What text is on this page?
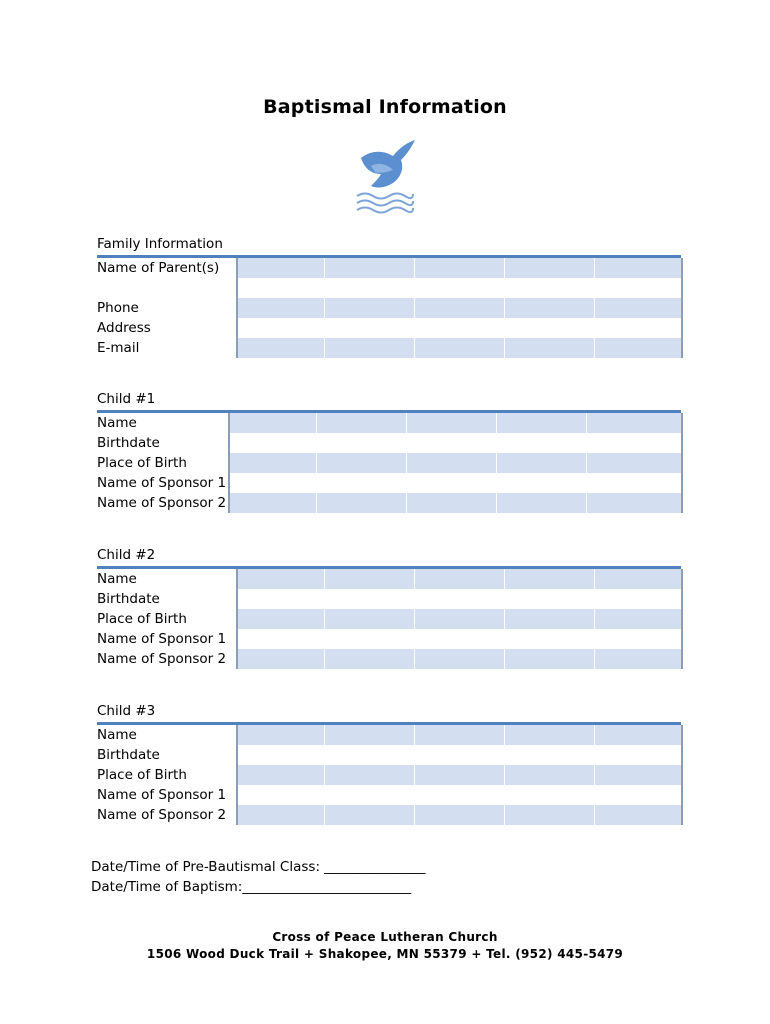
Baptismal Information
Family Information
Name of Parent(s)
Phone
Address
E-mail
Child #1
Name
Birthdate
Place of Birth
Name of Sponsor 1
Name of Sponsor 2
Child #2
Name
Birthdate
Place of Birth
Name of Sponsor 1
Name of Sponsor 2
Child #3
Name
Birthdate
Place of Birth
Name of Sponsor 1
Name of Sponsor 2
Date/Time of Pre-Bautismal Class: _______________
Date/Time of Baptism:_________________________
Cross of Peace Lutheran Church
1506 Wood Duck Trail + Shakopee, MN 55379 + Tel. (952) 445-5479
